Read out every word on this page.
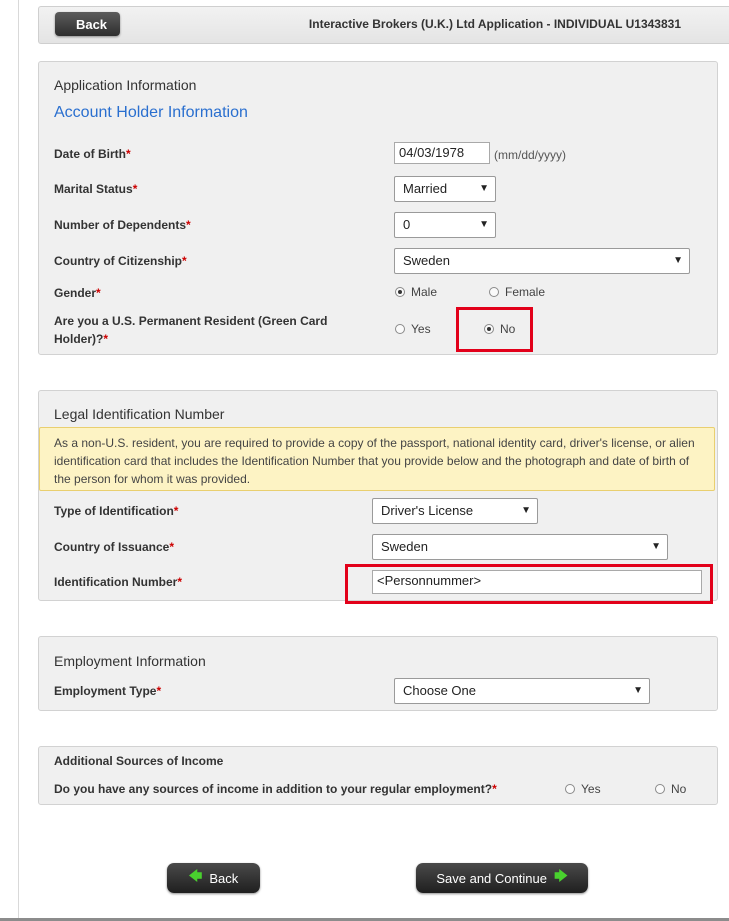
Back	Interactive Brokers (U.K.) Ltd Application - INDIVIDUAL U1343831
Application Information
Account Holder Information
Date of Birth*	04/03/1978	(mm/dd/yyyy)
Marital Status*	Married	▼
Number of Dependents*	0	▼
Country of Citizenship*	Sweden	▼
Gender*	Male	Female
Are you a U.S. Permanent Resident (Green Card
Holder)?*
Yes	No
Legal Identification Number
As a non-U.S. resident, you are required to provide a copy of the passport, national identity card, driver's license, or alien identification card that includes the Identification Number that you provide below and the photograph and date of birth of the person for whom it was provided.
Type of Identification*	Driver's License	▼
Country of Issuance*	Sweden	▼
Identification Number*	<Personnummer>
Employment Information
Employment Type*	Choose One	▼
Additional Sources of Income
Do you have any sources of income in addition to your regular employment?*	Yes	No
🡄
Back	Save and Continue
🡆
